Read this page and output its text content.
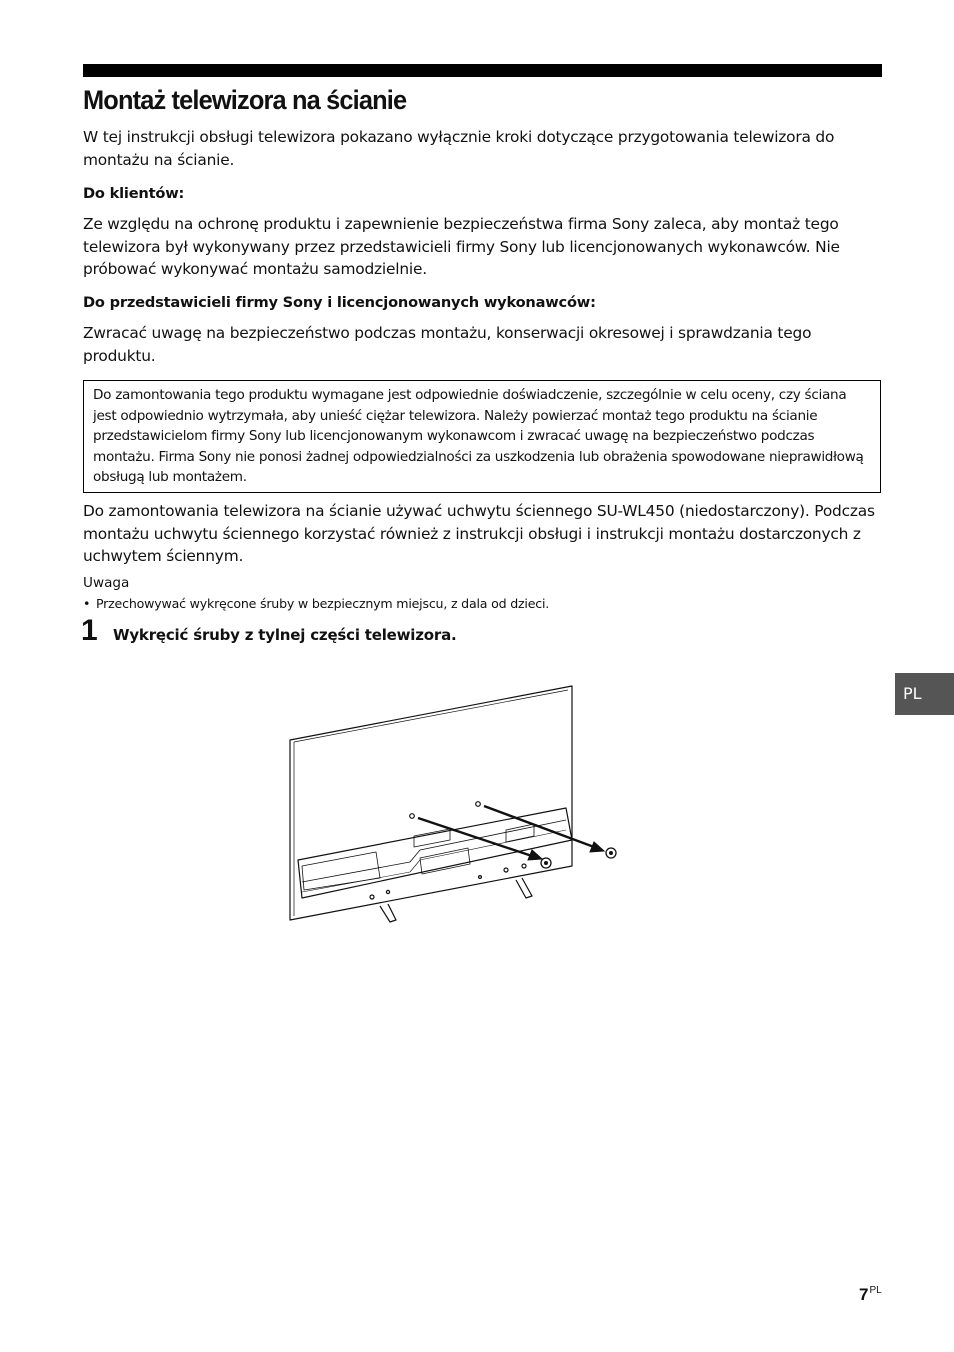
Montaż telewizora na ścianie

W tej instrukcji obsługi telewizora pokazano wyłącznie kroki dotyczące przygotowania telewizora do montażu na ścianie.

Do klientów:

Ze względu na ochronę produktu i zapewnienie bezpieczeństwa firma Sony zaleca, aby montaż tego telewizora był wykonywany przez przedstawicieli firmy Sony lub licencjonowanych wykonawców. Nie próbować wykonywać montażu samodzielnie.

Do przedstawicieli firmy Sony i licencjonowanych wykonawców:

Zwracać uwagę na bezpieczeństwo podczas montażu, konserwacji okresowej i sprawdzania tego produktu.

Do zamontowania tego produktu wymagane jest odpowiednie doświadczenie, szczególnie w celu oceny, czy ściana jest odpowiednio wytrzymała, aby unieść ciężar telewizora. Należy powierzać montaż tego produktu na ścianie przedstawicielom firmy Sony lub licencjonowanym wykonawcom i zwracać uwagę na bezpieczeństwo podczas montażu. Firma Sony nie ponosi żadnej odpowiedzialności za uszkodzenia lub obrażenia spowodowane nieprawidłową obsługą lub montażem.

Do zamontowania telewizora na ścianie używać uchwytu ściennego SU-WL450 (niedostarczony). Podczas montażu uchwytu ściennego korzystać również z instrukcji obsługi i instrukcji montażu dostarczonych z uchwytem ściennym.

Uwaga

• Przechowywać wykręcone śruby w bezpiecznym miejscu, z dala od dzieci.

1 Wykręcić śruby z tylnej części telewizora.

PL
$7^{PL}$
